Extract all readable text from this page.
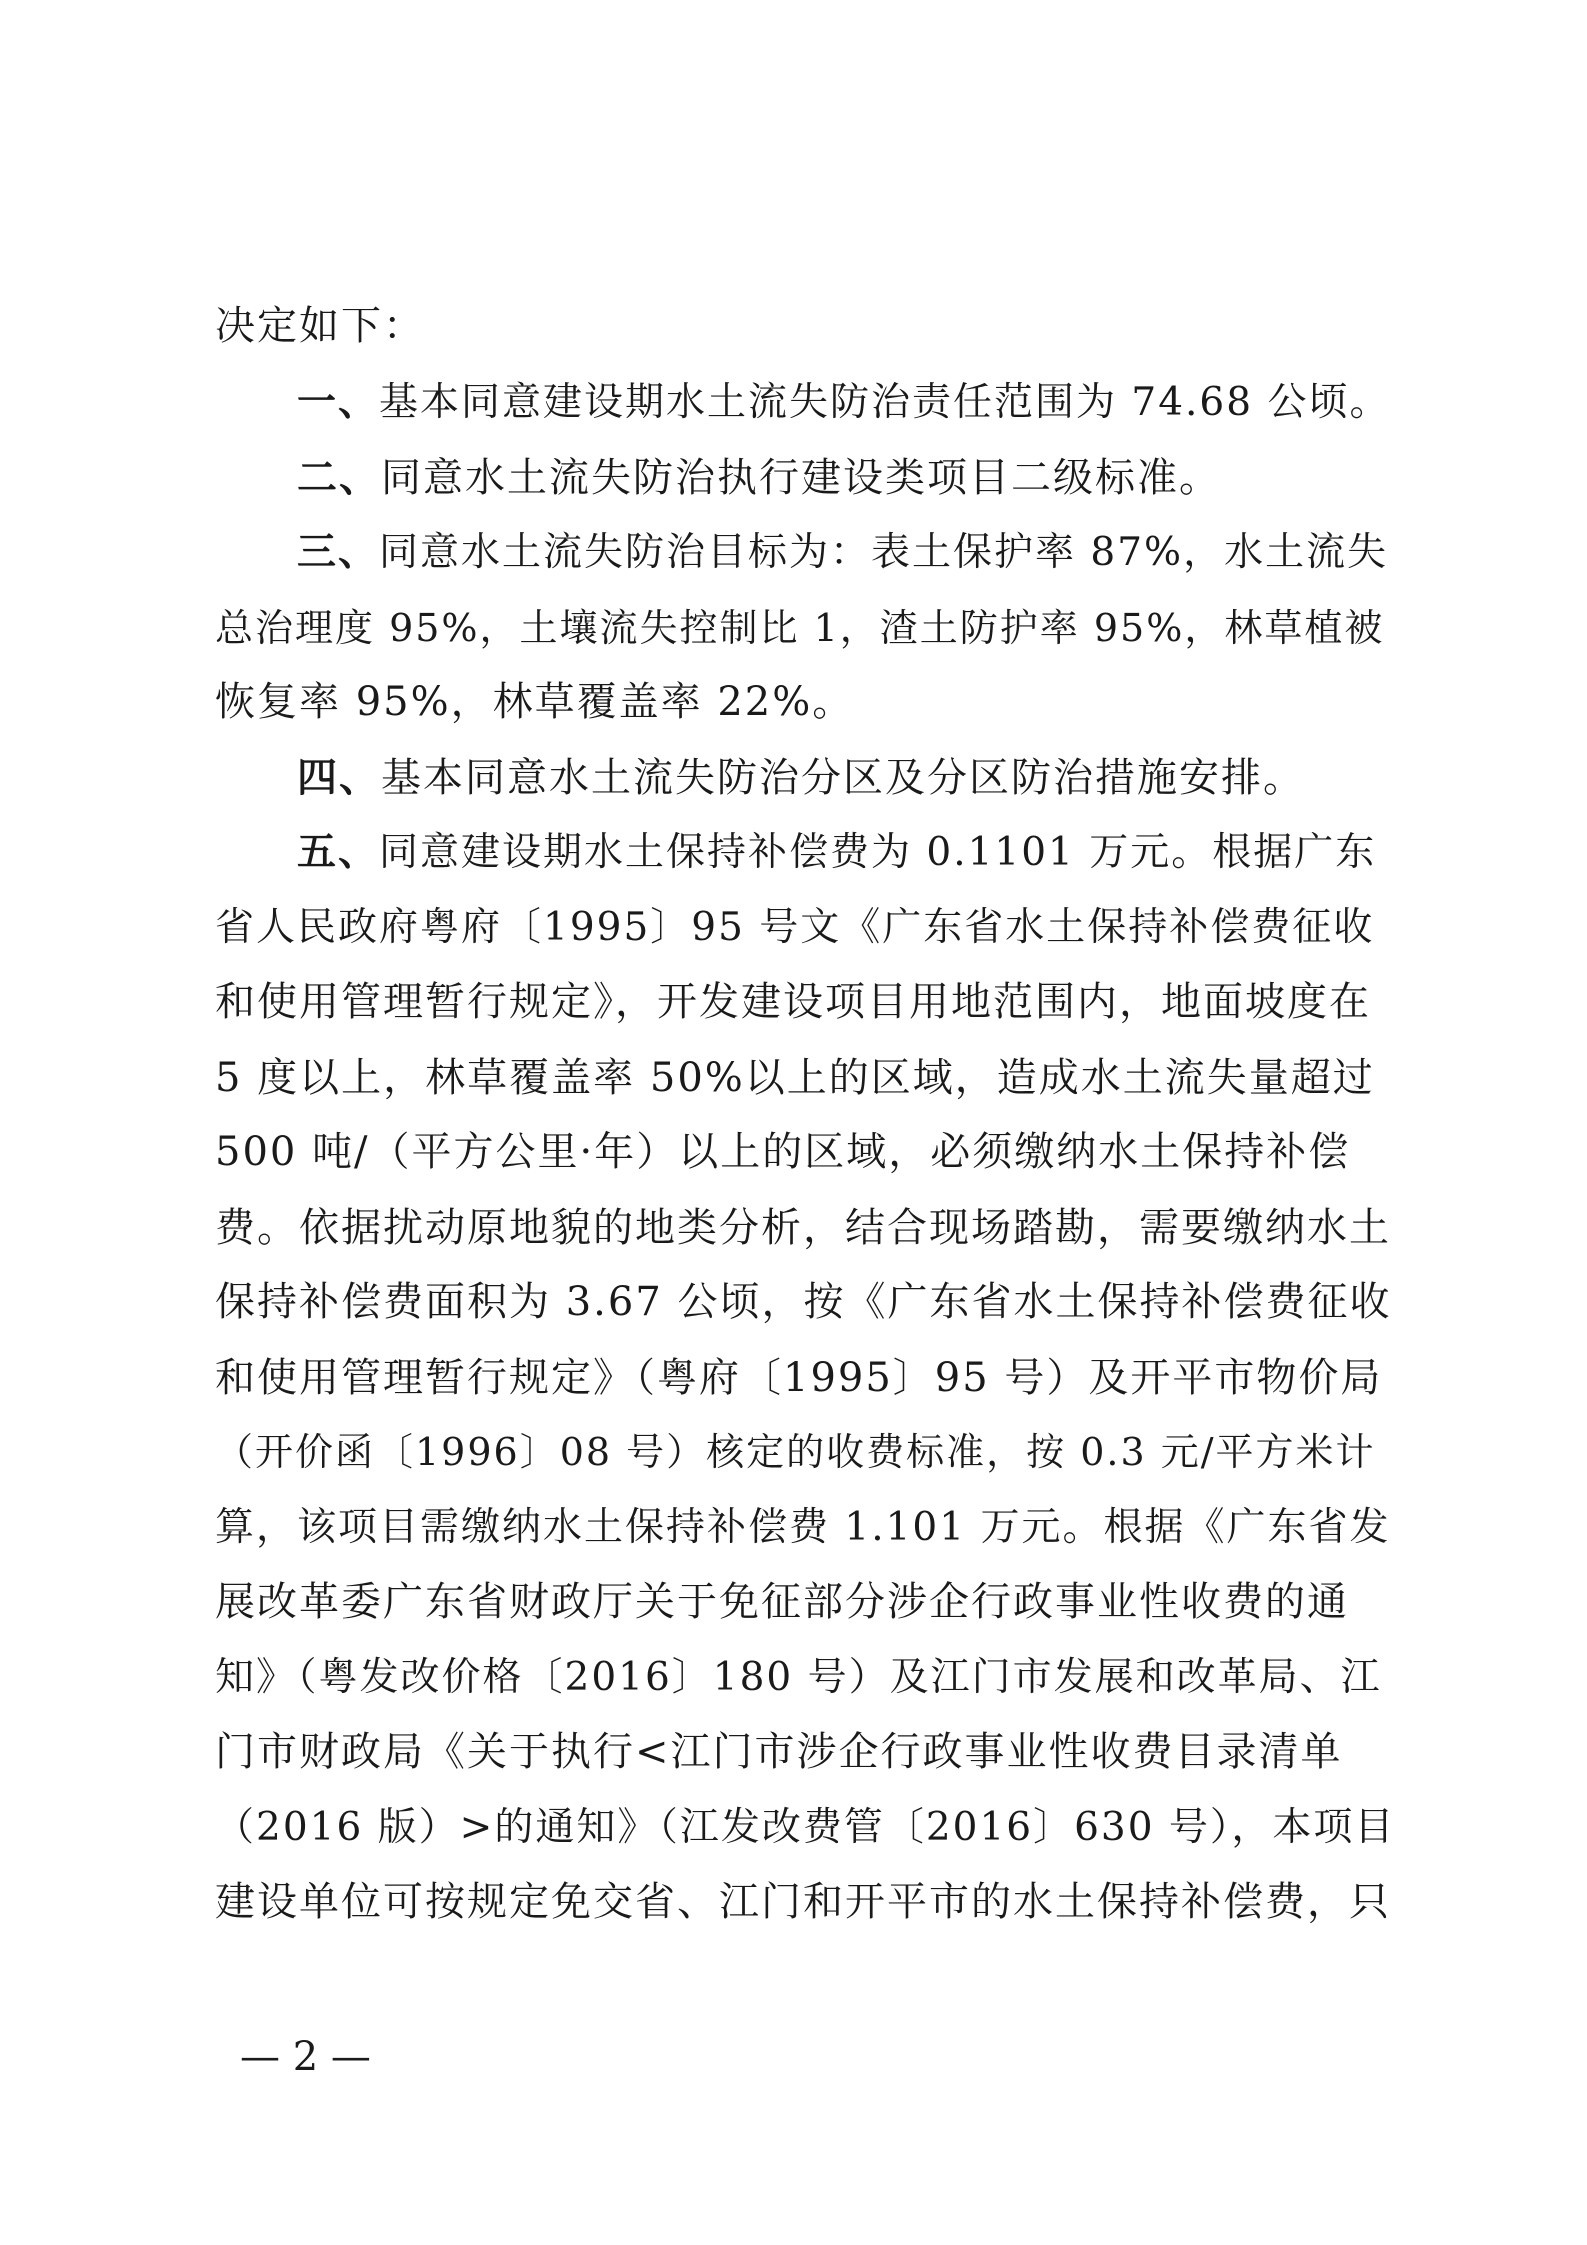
决定如下：
一、基本同意建设期水土流失防治责任范围为 74.68 公顷。
二、同意水土流失防治执行建设类项目二级标准。
三、同意水土流失防治目标为：表土保护率 87%，水土流失
总治理度 95%，土壤流失控制比 1，渣土防护率 95%，林草植被
恢复率 95%，林草覆盖率 22%。
四、基本同意水土流失防治分区及分区防治措施安排。
五、同意建设期水土保持补偿费为 0.1101 万元。根据广东
省人民政府粤府〔1995〕95 号文《广东省水土保持补偿费征收
和使用管理暂行规定》，开发建设项目用地范围内，地面坡度在
5 度以上，林草覆盖率 50%以上的区域，造成水土流失量超过
500 吨/（平方公里·年）以上的区域，必须缴纳水土保持补偿
费。依据扰动原地貌的地类分析，结合现场踏勘，需要缴纳水土
保持补偿费面积为 3.67 公顷，按《广东省水土保持补偿费征收
和使用管理暂行规定》（粤府〔1995〕95 号）及开平市物价局
（开价函〔1996〕08 号）核定的收费标准，按 0.3 元/平方米计
算，该项目需缴纳水土保持补偿费 1.101 万元。根据《广东省发
展改革委广东省财政厅关于免征部分涉企行政事业性收费的通
知》（粤发改价格〔2016〕180 号）及江门市发展和改革局、江
门市财政局《关于执行<江门市涉企行政事业性收费目录清单
（2016 版）>的通知》（江发改费管〔2016〕630 号），本项目
建设单位可按规定免交省、江门和开平市的水土保持补偿费，只
— 2 —
